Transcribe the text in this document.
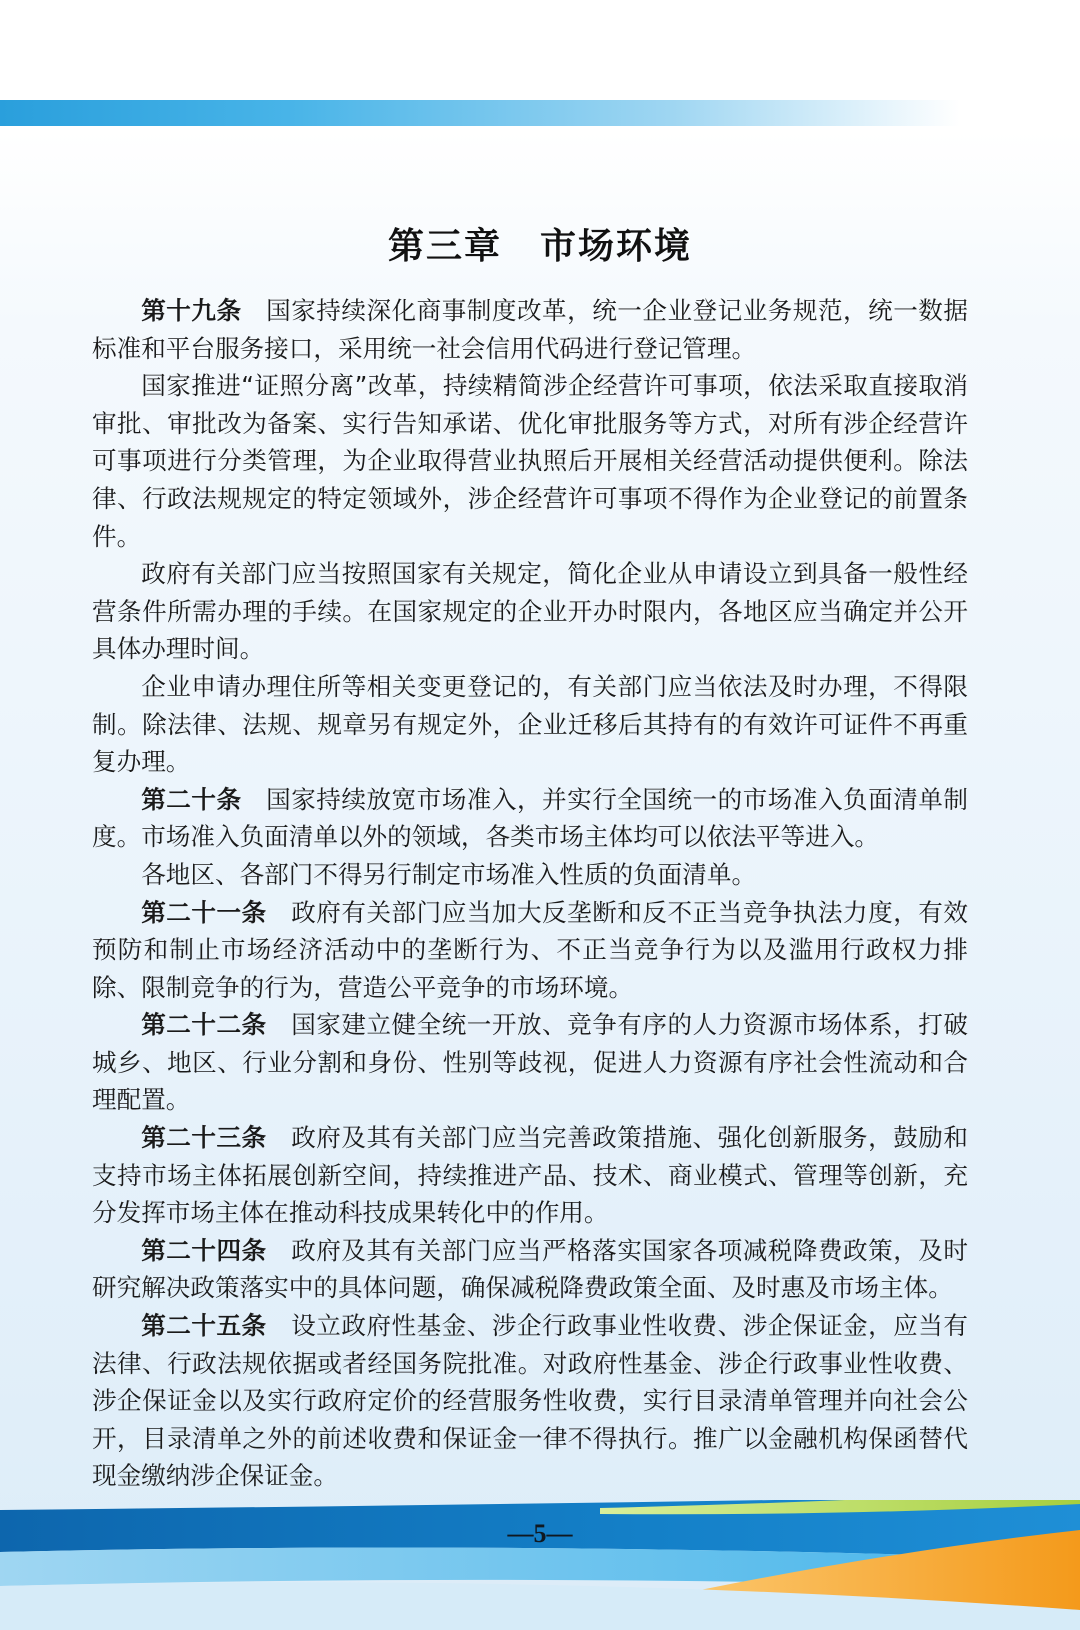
第三章　市场环境

第十九条 国家持续深化商事制度改革，统一企业登记业务规范，统一数据标准和平台服务接口，采用统一社会信用代码进行登记管理。

国家推进“证照分离”改革，持续精简涉企经营许可事项，依法采取直接取消审批、审批改为备案、实行告知承诺、优化审批服务等方式，对所有涉企经营许可事项进行分类管理，为企业取得营业执照后开展相关经营活动提供便利。除法律、行政法规规定的特定领域外，涉企经营许可事项不得作为企业登记的前置条件。

政府有关部门应当按照国家有关规定，简化企业从申请设立到具备一般性经营条件所需办理的手续。在国家规定的企业开办时限内，各地区应当确定并公开具体办理时间。

企业申请办理住所等相关变更登记的，有关部门应当依法及时办理，不得限制。除法律、法规、规章另有规定外，企业迁移后其持有的有效许可证件不再重复办理。

第二十条 国家持续放宽市场准入，并实行全国统一的市场准入负面清单制度。市场准入负面清单以外的领域，各类市场主体均可以依法平等进入。

各地区、各部门不得另行制定市场准入性质的负面清单。

第二十一条 政府有关部门应当加大反垄断和反不正当竞争执法力度，有效预防和制止市场经济活动中的垄断行为、不正当竞争行为以及滥用行政权力排除、限制竞争的行为，营造公平竞争的市场环境。

第二十二条 国家建立健全统一开放、竞争有序的人力资源市场体系，打破城乡、地区、行业分割和身份、性别等歧视，促进人力资源有序社会性流动和合理配置。

第二十三条 政府及其有关部门应当完善政策措施、强化创新服务，鼓励和支持市场主体拓展创新空间，持续推进产品、技术、商业模式、管理等创新，充分发挥市场主体在推动科技成果转化中的作用。

第二十四条 政府及其有关部门应当严格落实国家各项减税降费政策，及时研究解决政策落实中的具体问题，确保减税降费政策全面、及时惠及市场主体。

第二十五条 设立政府性基金、涉企行政事业性收费、涉企保证金，应当有法律、行政法规依据或者经国务院批准。对政府性基金、涉企行政事业性收费、涉企保证金以及实行政府定价的经营服务性收费，实行目录清单管理并向社会公开，目录清单之外的前述收费和保证金一律不得执行。推广以金融机构保函替代现金缴纳涉企保证金。

—5—
